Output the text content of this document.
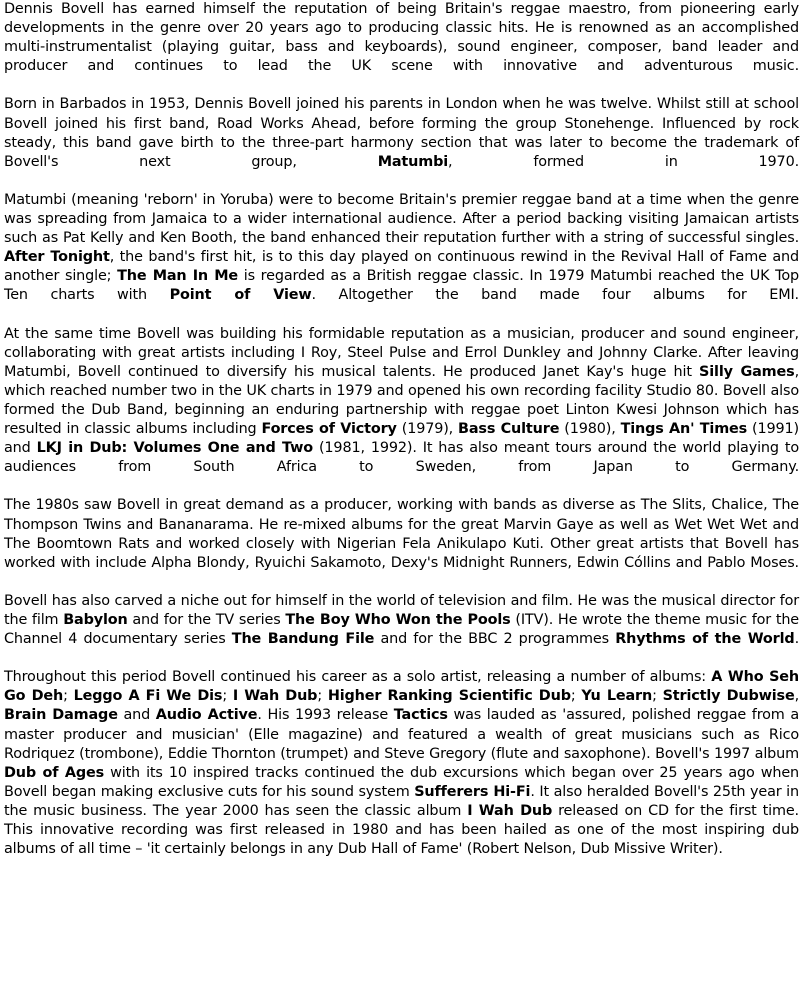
Dennis Bovell has earned himself the reputation of being Britain's reggae maestro, from pioneering early developments in the genre over 20 years ago to producing classic hits. He is renowned as an accomplished multi-instrumentalist (playing guitar, bass and keyboards), sound engineer, composer, band leader and producer and continues to lead the UK scene with innovative and adventurous music.

Born in Barbados in 1953, Dennis Bovell joined his parents in London when he was twelve. Whilst still at school Bovell joined his first band, Road Works Ahead, before forming the group Stonehenge. Influenced by rock steady, this band gave birth to the three-part harmony section that was later to become the trademark of Bovell's next group, Matumbi, formed in 1970.

Matumbi (meaning 'reborn' in Yoruba) were to become Britain's premier reggae band at a time when the genre was spreading from Jamaica to a wider international audience. After a period backing visiting Jamaican artists such as Pat Kelly and Ken Booth, the band enhanced their reputation further with a string of successful singles. After Tonight, the band's first hit, is to this day played on continuous rewind in the Revival Hall of Fame and another single; The Man In Me is regarded as a British reggae classic. In 1979 Matumbi reached the UK Top Ten charts with Point of View. Altogether the band made four albums for EMI.

At the same time Bovell was building his formidable reputation as a musician, producer and sound engineer, collaborating with great artists including I Roy, Steel Pulse and Errol Dunkley and Johnny Clarke. After leaving Matumbi, Bovell continued to diversify his musical talents. He produced Janet Kay's huge hit Silly Games, which reached number two in the UK charts in 1979 and opened his own recording facility Studio 80. Bovell also formed the Dub Band, beginning an enduring partnership with reggae poet Linton Kwesi Johnson which has resulted in classic albums including Forces of Victory (1979), Bass Culture (1980), Tings An' Times (1991) and LKJ in Dub: Volumes One and Two (1981, 1992). It has also meant tours around the world playing to audiences from South Africa to Sweden, from Japan to Germany.

The 1980s saw Bovell in great demand as a producer, working with bands as diverse as The Slits, Chalice, The Thompson Twins and Bananarama. He re-mixed albums for the great Marvin Gaye as well as Wet Wet Wet and The Boomtown Rats and worked closely with Nigerian Fela Anikulapo Kuti. Other great artists that Bovell has worked with include Alpha Blondy, Ryuichi Sakamoto, Dexy's Midnight Runners, Edwin Cóllins and Pablo Moses.

Bovell has also carved a niche out for himself in the world of television and film. He was the musical director for the film Babylon and for the TV series The Boy Who Won the Pools (ITV). He wrote the theme music for the Channel 4 documentary series The Bandung File and for the BBC 2 programmes Rhythms of the World.

Throughout this period Bovell continued his career as a solo artist, releasing a number of albums: A Who Seh Go Deh; Leggo A Fi We Dis; I Wah Dub; Higher Ranking Scientific Dub; Yu Learn; Strictly Dubwise, Brain Damage and Audio Active. His 1993 release Tactics was lauded as 'assured, polished reggae from a master producer and musician' (Elle magazine) and featured a wealth of great musicians such as Rico Rodriquez (trombone), Eddie Thornton (trumpet) and Steve Gregory (flute and saxophone). Bovell's 1997 album Dub of Ages with its 10 inspired tracks continued the dub excursions which began over 25 years ago when Bovell began making exclusive cuts for his sound system Sufferers Hi-Fi. It also heralded Bovell's 25th year in the music business. The year 2000 has seen the classic album I Wah Dub released on CD for the first time. This innovative recording was first released in 1980 and has been hailed as one of the most inspiring dub albums of all time – 'it certainly belongs in any Dub Hall of Fame' (Robert Nelson, Dub Missive Writer).
